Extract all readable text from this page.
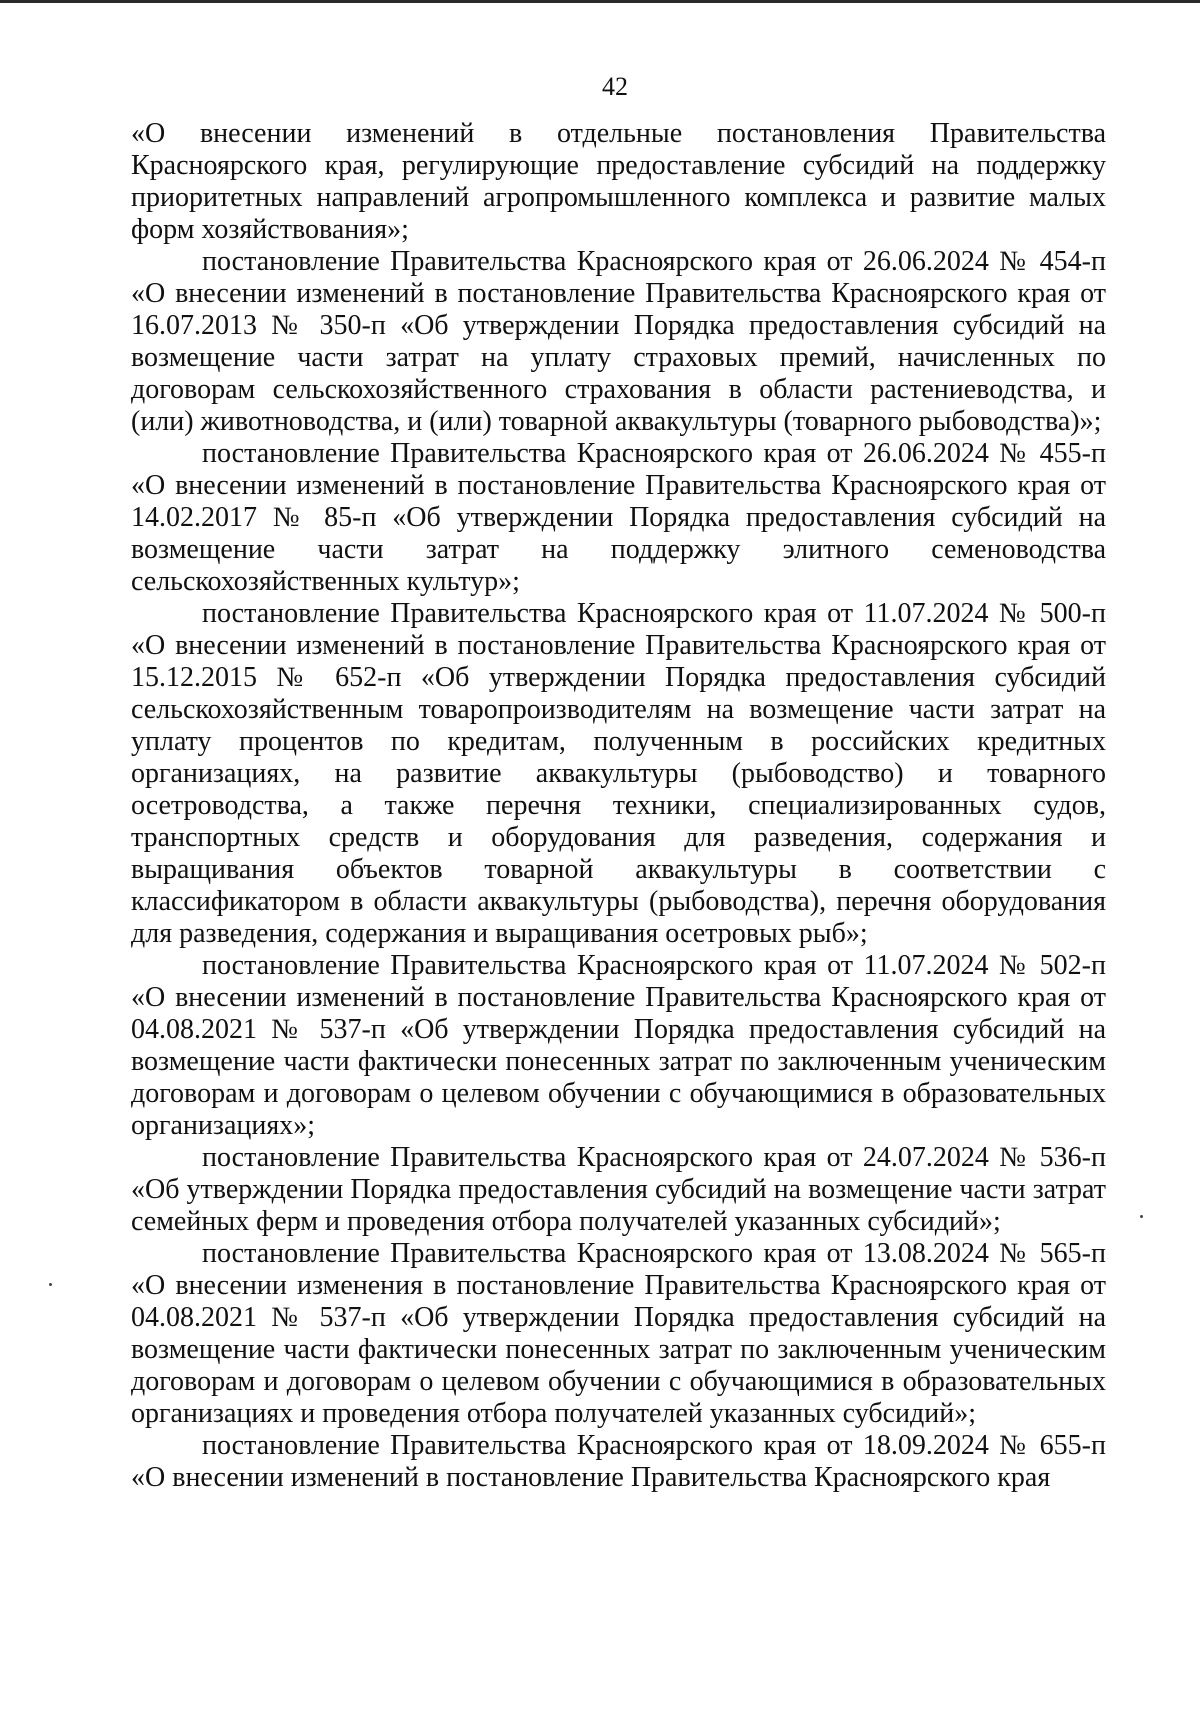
42

«О внесении изменений в отдельные постановления Правительства Красноярского края, регулирующие предоставление субсидий на поддержку приоритетных направлений агропромышленного комплекса и развитие малых форм хозяйствования»;

постановление Правительства Красноярского края от 26.06.2024 № 454-п «О внесении изменений в постановление Правительства Красноярского края от 16.07.2013 № 350-п «Об утверждении Порядка предоставления субсидий на возмещение части затрат на уплату страховых премий, начисленных по договорам сельскохозяйственного страхования в области растениеводства, и (или) животноводства, и (или) товарной аквакультуры (товарного рыбоводства)»;

постановление Правительства Красноярского края от 26.06.2024 № 455-п «О внесении изменений в постановление Правительства Красноярского края от 14.02.2017 № 85-п «Об утверждении Порядка предоставления субсидий на возмещение части затрат на поддержку элитного семеноводства сельскохозяйственных культур»;

постановление Правительства Красноярского края от 11.07.2024 № 500-п «О внесении изменений в постановление Правительства Красноярского края от 15.12.2015 № 652-п «Об утверждении Порядка предоставления субсидий сельскохозяйственным товаропроизводителям на возмещение части затрат на уплату процентов по кредитам, полученным в российских кредитных организациях, на развитие аквакультуры (рыбоводство) и товарного осетроводства, а также перечня техники, специализированных судов, транспортных средств и оборудования для разведения, содержания и выращивания объектов товарной аквакультуры в соответствии с классификатором в области аквакультуры (рыбоводства), перечня оборудования для разведения, содержания и выращивания осетровых рыб»;

постановление Правительства Красноярского края от 11.07.2024 № 502-п «О внесении изменений в постановление Правительства Красноярского края от 04.08.2021 № 537-п «Об утверждении Порядка предоставления субсидий на возмещение части фактически понесенных затрат по заключенным ученическим договорам и договорам о целевом обучении с обучающимися в образовательных организациях»;

постановление Правительства Красноярского края от 24.07.2024 № 536-п «Об утверждении Порядка предоставления субсидий на возмещение части затрат семейных ферм и проведения отбора получателей указанных субсидий»;

постановление Правительства Красноярского края от 13.08.2024 № 565-п «О внесении изменения в постановление Правительства Красноярского края от 04.08.2021 № 537-п «Об утверждении Порядка предоставления субсидий на возмещение части фактически понесенных затрат по заключенным ученическим договорам и договорам о целевом обучении с обучающимися в образовательных организациях и проведения отбора получателей указанных субсидий»;

постановление Правительства Красноярского края от 18.09.2024 № 655-п «О внесении изменений в постановление Правительства Красноярского края
